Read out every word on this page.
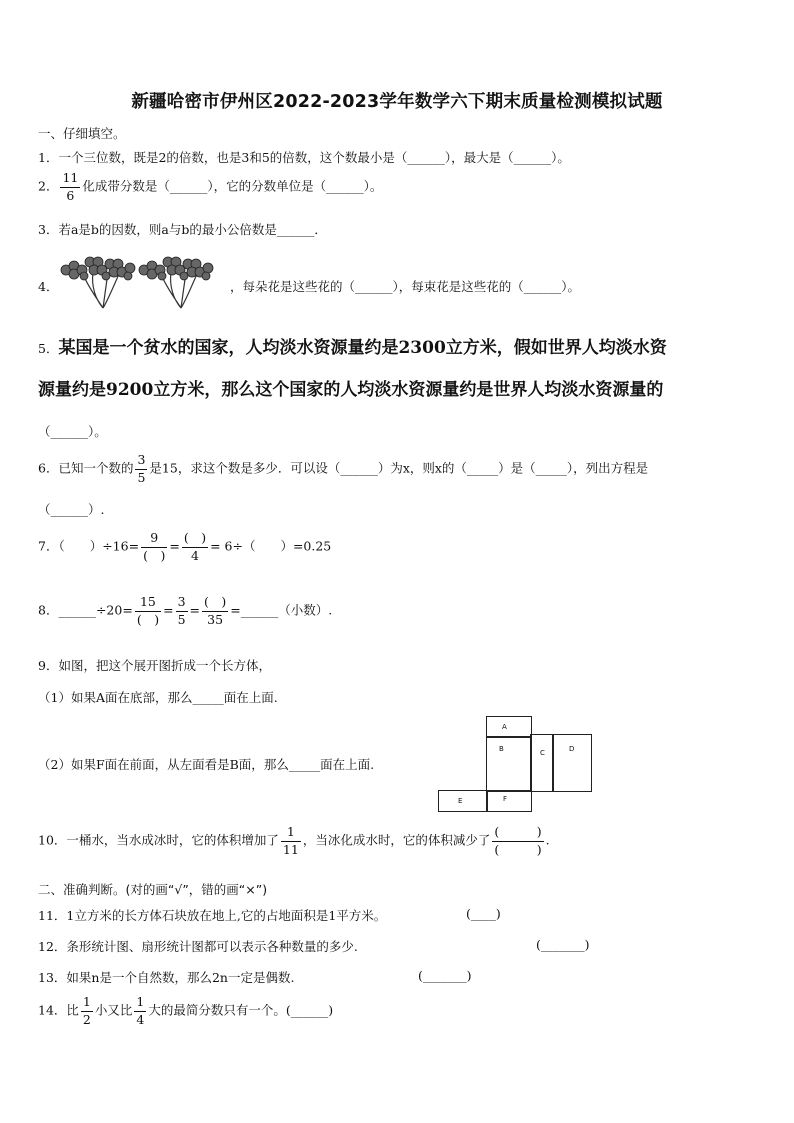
新疆哈密市伊州区2022-2023学年数学六下期末质量检测模拟试题
一、仔细填空。
1．一个三位数，既是2的倍数，也是3和5的倍数，这个数最小是（______），最大是（______）。
2． $\frac{11}{6}$ 化成带分数是（______），它的分数单位是（______）。
3．若a是b的因数，则a与b的最小公倍数是______．
4．	，每朵花是这些花的（______），每束花是这些花的（______）。
5．某国是一个贫水的国家，人均淡水资源量约是2300立方米，假如世界人均淡水资
源量约是9200立方米，那么这个国家的人均淡水资源量约是世界人均淡水资源量的
（______）。
6．已知一个数的 $\frac{3}{5}$ 是15，求这个数是多少．可以设（______）为x，则x的（_____）是（_____），列出方程是
（______）.
7．（　　）$\div 16= \frac{9}{( )} = \frac{( )}{4} = 6\div$（　　）=0.25
8．______÷20= $\frac{15}{( )} = \frac{3}{5} = \frac{( )}{35}$ =______（小数）.
9．如图，把这个展开图折成一个长方体，
（1）如果A面在底部，那么_____面在上面.
（2）如果F面在前面，从左面看是B面，那么_____面在上面.
A
B	C	D
E	F
10．一桶水，当水成冰时，它的体积增加了 $\frac{1}{11}$ ，当冰化成水时，它的体积减少了 $\frac{( )}{( )}$ .
二、准确判断。(对的画“√”，错的画“×”)
11．1立方米的长方体石块放在地上,它的占地面积是1平方米。	(____)
12．条形统计图、扇形统计图都可以表示各种数量的多少.	(_______)
13．如果n是一个自然数，那么2n一定是偶数.	(_______)
14．比 $\frac{1}{2}$ 小又比 $\frac{1}{4}$ 大的最简分数只有一个。(______)
